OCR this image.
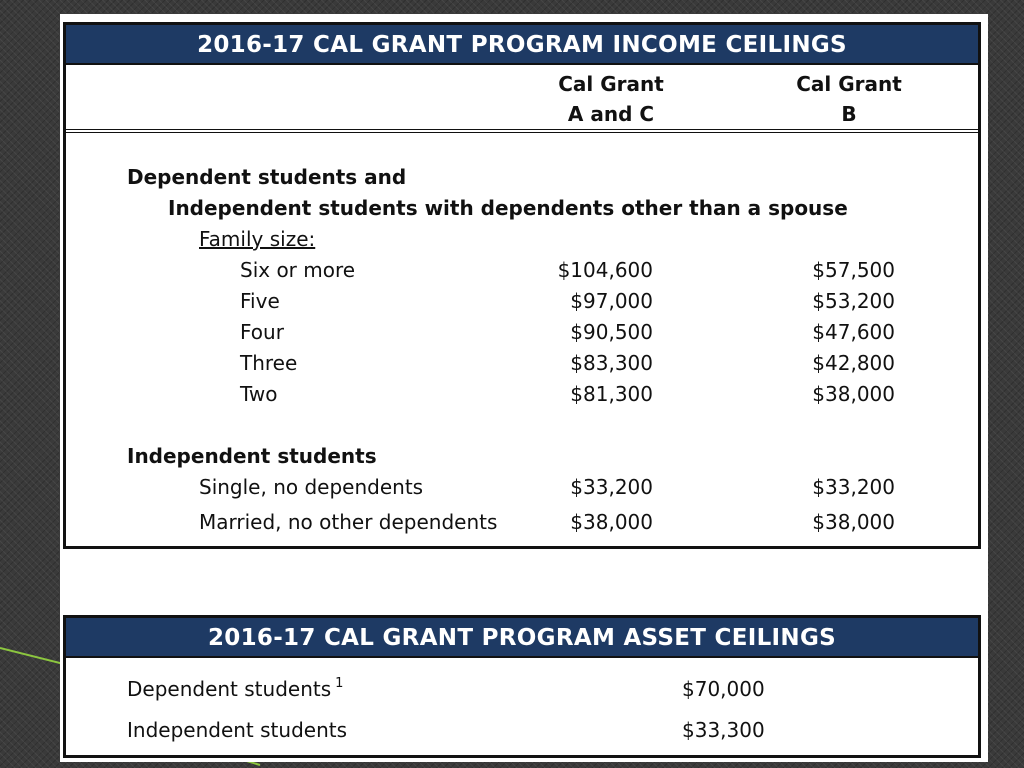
2016-17 CAL GRANT PROGRAM INCOME CEILINGS
Cal Grant
A and C
Cal Grant
B
Dependent students and
Independent students with dependents other than a spouse
Family size:
Six or more	$104,600	$57,500
Five	$97,000	$53,200
Four	$90,500	$47,600
Three	$83,300	$42,800
Two	$81,300	$38,000
Independent students
Single, no dependents	$33,200	$33,200
Married, no other dependents	$38,000	$38,000
2016-17 CAL GRANT PROGRAM ASSET CEILINGS
Dependent students $^1$	$70,000
Independent students	$33,300
